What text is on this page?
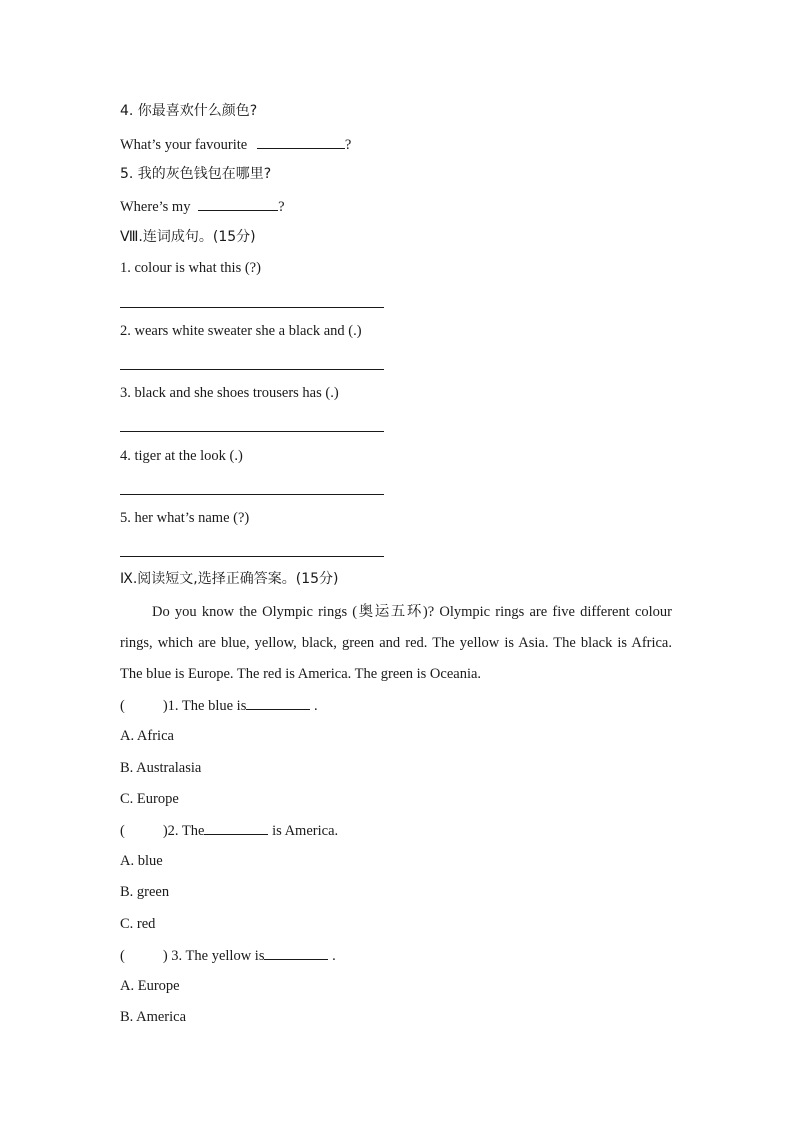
4. 你最喜欢什么颜色?
What’s your favourite	?
5. 我的灰色钱包在哪里?
Where’s my	?
Ⅷ.连词成句。(15分)
1. colour is what this (?)
2. wears white sweater she a black and (.)
3. black and she shoes trousers has (.)
4. tiger at the look (.)
5. her what’s name (?)
Ⅸ.阅读短文,选择正确答案。(15分)
Do you know the Olympic rings (奥运五环)? Olympic rings are five different colour rings, which are blue, yellow, black, green and red. The yellow is Asia. The black is Africa. The blue is Europe. The red is America. The green is Oceania.
(	)1. The blue is	.
A. Africa
B. Australasia
C. Europe
(	)2. The	is America.
A. blue
B. green
C. red
(	) 3. The yellow is	.
A. Europe
B. America
